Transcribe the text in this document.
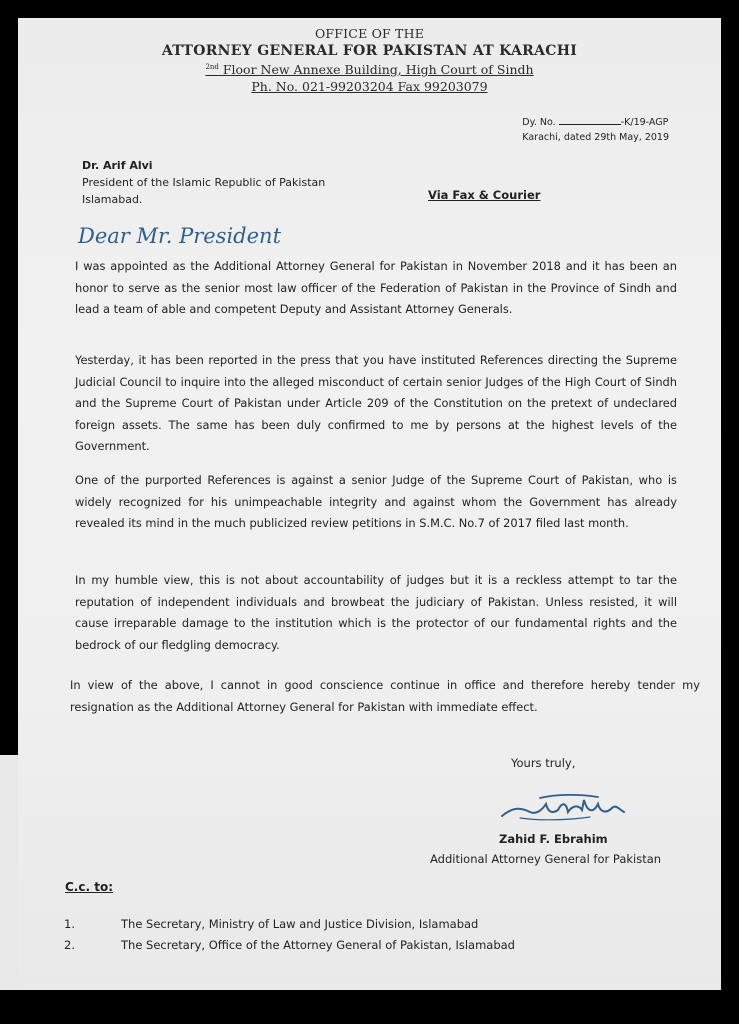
OFFICE OF THE
ATTORNEY GENERAL FOR PAKISTAN AT KARACHI
$^{2nd}$ Floor New Annexe Building, High Court of Sindh
Ph. No. 021-99203204 Fax 99203079
Dy. No.	-K/19-AGP
Karachi, dated 29th May, 2019
Dr. Arif Alvi
President of the Islamic Republic of Pakistan
Islamabad.	Via Fax & Courier
Dear Mr. President
I was appointed as the Additional Attorney General for Pakistan in November 2018 and it has been an honor to serve as the senior most law officer of the Federation of Pakistan in the Province of Sindh and lead a team of able and competent Deputy and Assistant Attorney Generals.
Yesterday, it has been reported in the press that you have instituted References directing the Supreme Judicial Council to inquire into the alleged misconduct of certain senior Judges of the High Court of Sindh and the Supreme Court of Pakistan under Article 209 of the Constitution on the pretext of undeclared foreign assets. The same has been duly confirmed to me by persons at the highest levels of the Government.
One of the purported References is against a senior Judge of the Supreme Court of Pakistan, who is widely recognized for his unimpeachable integrity and against whom the Government has already revealed its mind in the much publicized review petitions in S.M.C. No.7 of 2017 filed last month.
In my humble view, this is not about accountability of judges but it is a reckless attempt to tar the reputation of independent individuals and browbeat the judiciary of Pakistan. Unless resisted, it will cause irreparable damage to the institution which is the protector of our fundamental rights and the bedrock of our fledgling democracy.
In view of the above, I cannot in good conscience continue in office and therefore hereby tender my resignation as the Additional Attorney General for Pakistan with immediate effect.
Yours truly,
Zahid F. Ebrahim
Additional Attorney General for Pakistan
C.c. to:
1.	The Secretary, Ministry of Law and Justice Division, Islamabad
2.	The Secretary, Office of the Attorney General of Pakistan, Islamabad
